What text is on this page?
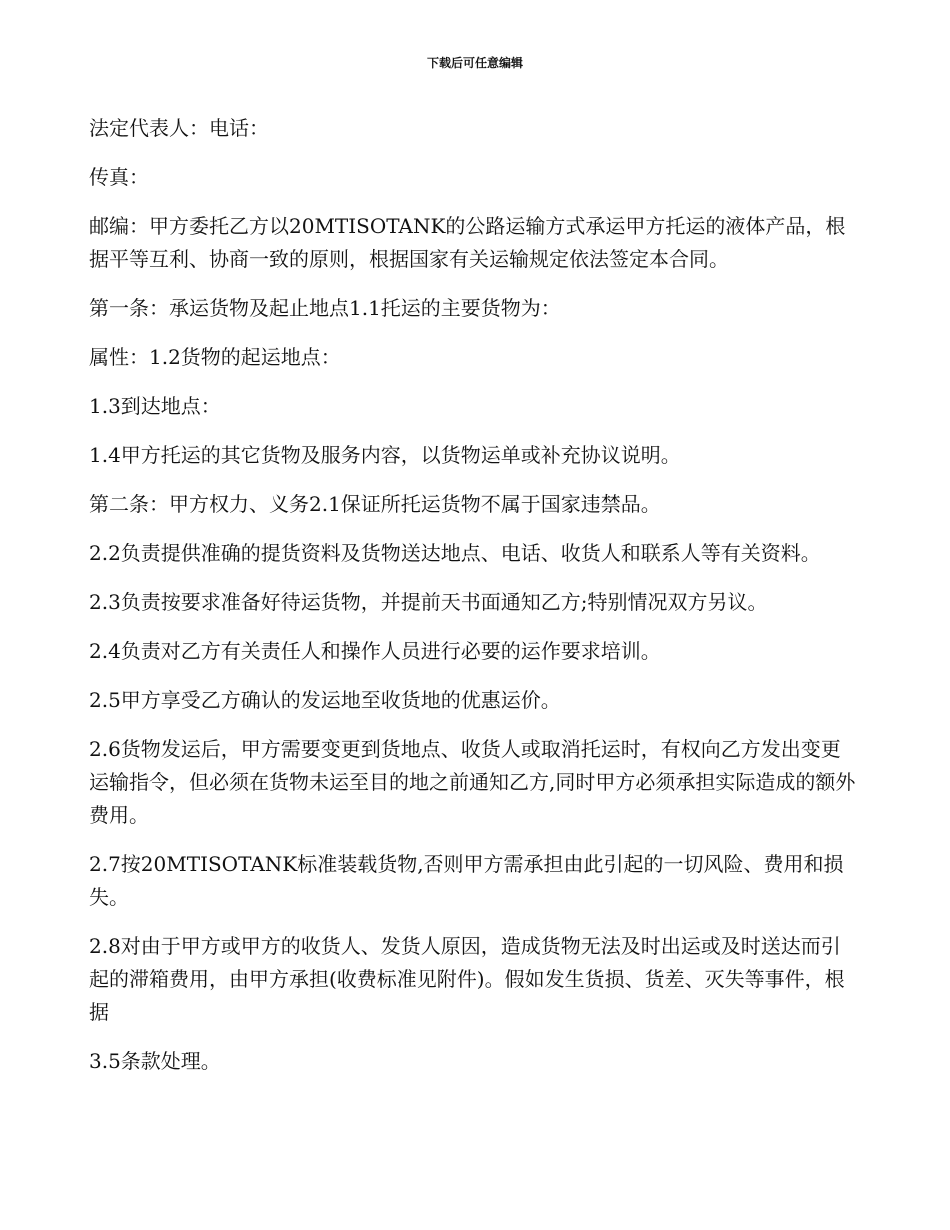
下载后可任意编辑

法定代表人：电话：

传真：

邮编：甲方委托乙方以20MTISOTANK的公路运输方式承运甲方托运的液体产品，根据平等互利、协商一致的原则，根据国家有关运输规定依法签定本合同。

第一条：承运货物及起止地点1.1托运的主要货物为：

属性：1.2货物的起运地点：

1.3到达地点：

1.4甲方托运的其它货物及服务内容，以货物运单或补充协议说明。

第二条：甲方权力、义务2.1保证所托运货物不属于国家违禁品。

2.2负责提供准确的提货资料及货物送达地点、电话、收货人和联系人等有关资料。

2.3负责按要求准备好待运货物，并提前天书面通知乙方;特别情况双方另议。

2.4负责对乙方有关责任人和操作人员进行必要的运作要求培训。

2.5甲方享受乙方确认的发运地至收货地的优惠运价。

2.6货物发运后，甲方需要变更到货地点、收货人或取消托运时，有权向乙方发出变更运输指令，但必须在货物未运至目的地之前通知乙方,同时甲方必须承担实际造成的额外费用。

2.7按20MTISOTANK标准装载货物,否则甲方需承担由此引起的一切风险、费用和损失。

2.8对由于甲方或甲方的收货人、发货人原因，造成货物无法及时出运或及时送达而引起的滞箱费用，由甲方承担(收费标准见附件)。假如发生货损、货差、灭失等事件，根据

3.5条款处理。
